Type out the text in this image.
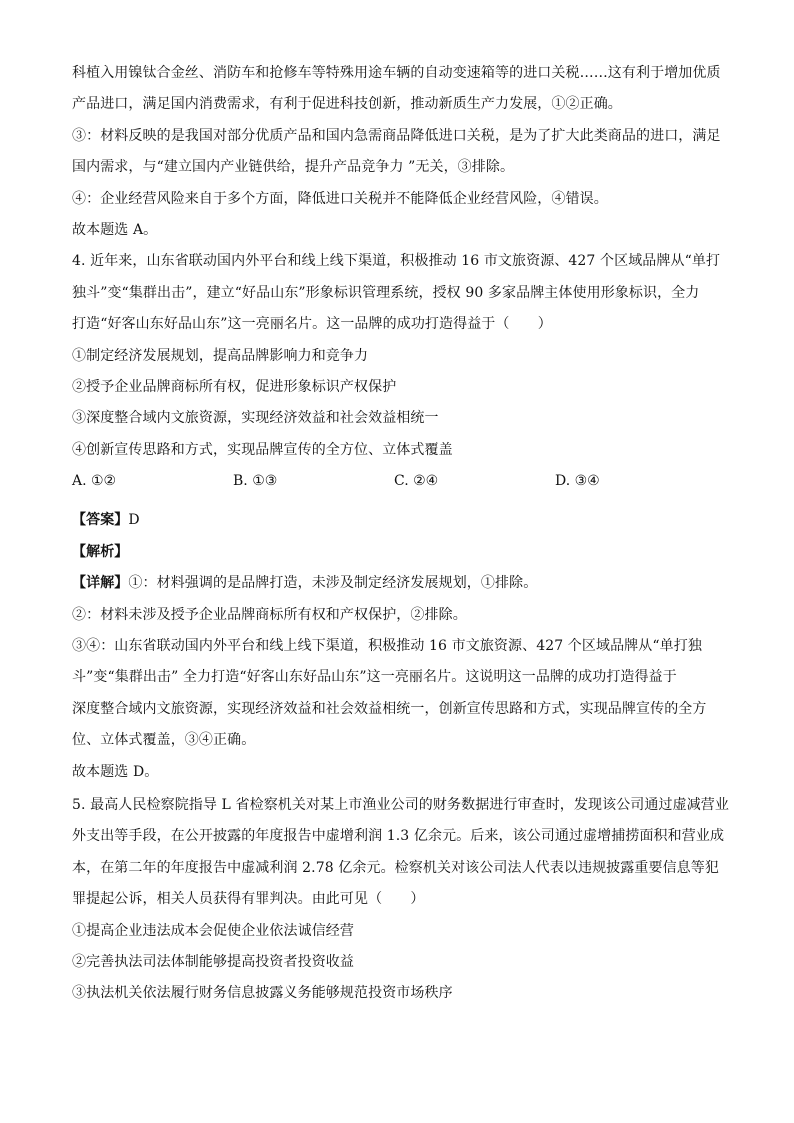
科植入用镍钛合金丝、消防车和抢修车等特殊用途车辆的自动变速箱等的进口关税……这有利于增加优质
产品进口，满足国内消费需求，有利于促进科技创新，推动新质生产力发展，①②正确。
③：材料反映的是我国对部分优质产品和国内急需商品降低进口关税，是为了扩大此类商品的进口，满足
国内需求，与“建立国内产业链供给，提升产品竞争力 ”无关，③排除。
④：企业经营风险来自于多个方面，降低进口关税并不能降低企业经营风险，④错误。
故本题选 A。
4. 近年来，山东省联动国内外平台和线上线下渠道，积极推动 16 市文旅资源、427 个区域品牌从“单打
独斗”变“集群出击”，建立“好品山东”形象标识管理系统，授权 90 多家品牌主体使用形象标识，全力
打造“好客山东好品山东”这一亮丽名片。这一品牌的成功打造得益于（　　）
①制定经济发展规划，提高品牌影响力和竞争力
②授予企业品牌商标所有权，促进形象标识产权保护
③深度整合域内文旅资源，实现经济效益和社会效益相统一
④创新宣传思路和方式，实现品牌宣传的全方位、立体式覆盖
A. ①②	B. ①③	C. ②④	D. ③④
【答案】D
【解析】
【详解】①：材料强调的是品牌打造，未涉及制定经济发展规划，①排除。
②：材料未涉及授予企业品牌商标所有权和产权保护，②排除。
③④：山东省联动国内外平台和线上线下渠道，积极推动 16 市文旅资源、427 个区域品牌从“单打独
斗”变“集群出击” 全力打造“好客山东好品山东”这一亮丽名片。这说明这一品牌的成功打造得益于
深度整合域内文旅资源，实现经济效益和社会效益相统一，创新宣传思路和方式，实现品牌宣传的全方
位、立体式覆盖，③④正确。
故本题选 D。
5. 最高人民检察院指导 L 省检察机关对某上市渔业公司的财务数据进行审查时，发现该公司通过虚减营业
外支出等手段，在公开披露的年度报告中虚增利润 1.3 亿余元。后来，该公司通过虚增捕捞面积和营业成
本，在第二年的年度报告中虚减利润 2.78 亿余元。检察机关对该公司法人代表以违规披露重要信息等犯
罪提起公诉，相关人员获得有罪判决。由此可见（　　）
①提高企业违法成本会促使企业依法诚信经营
②完善执法司法体制能够提高投资者投资收益
③执法机关依法履行财务信息披露义务能够规范投资市场秩序
